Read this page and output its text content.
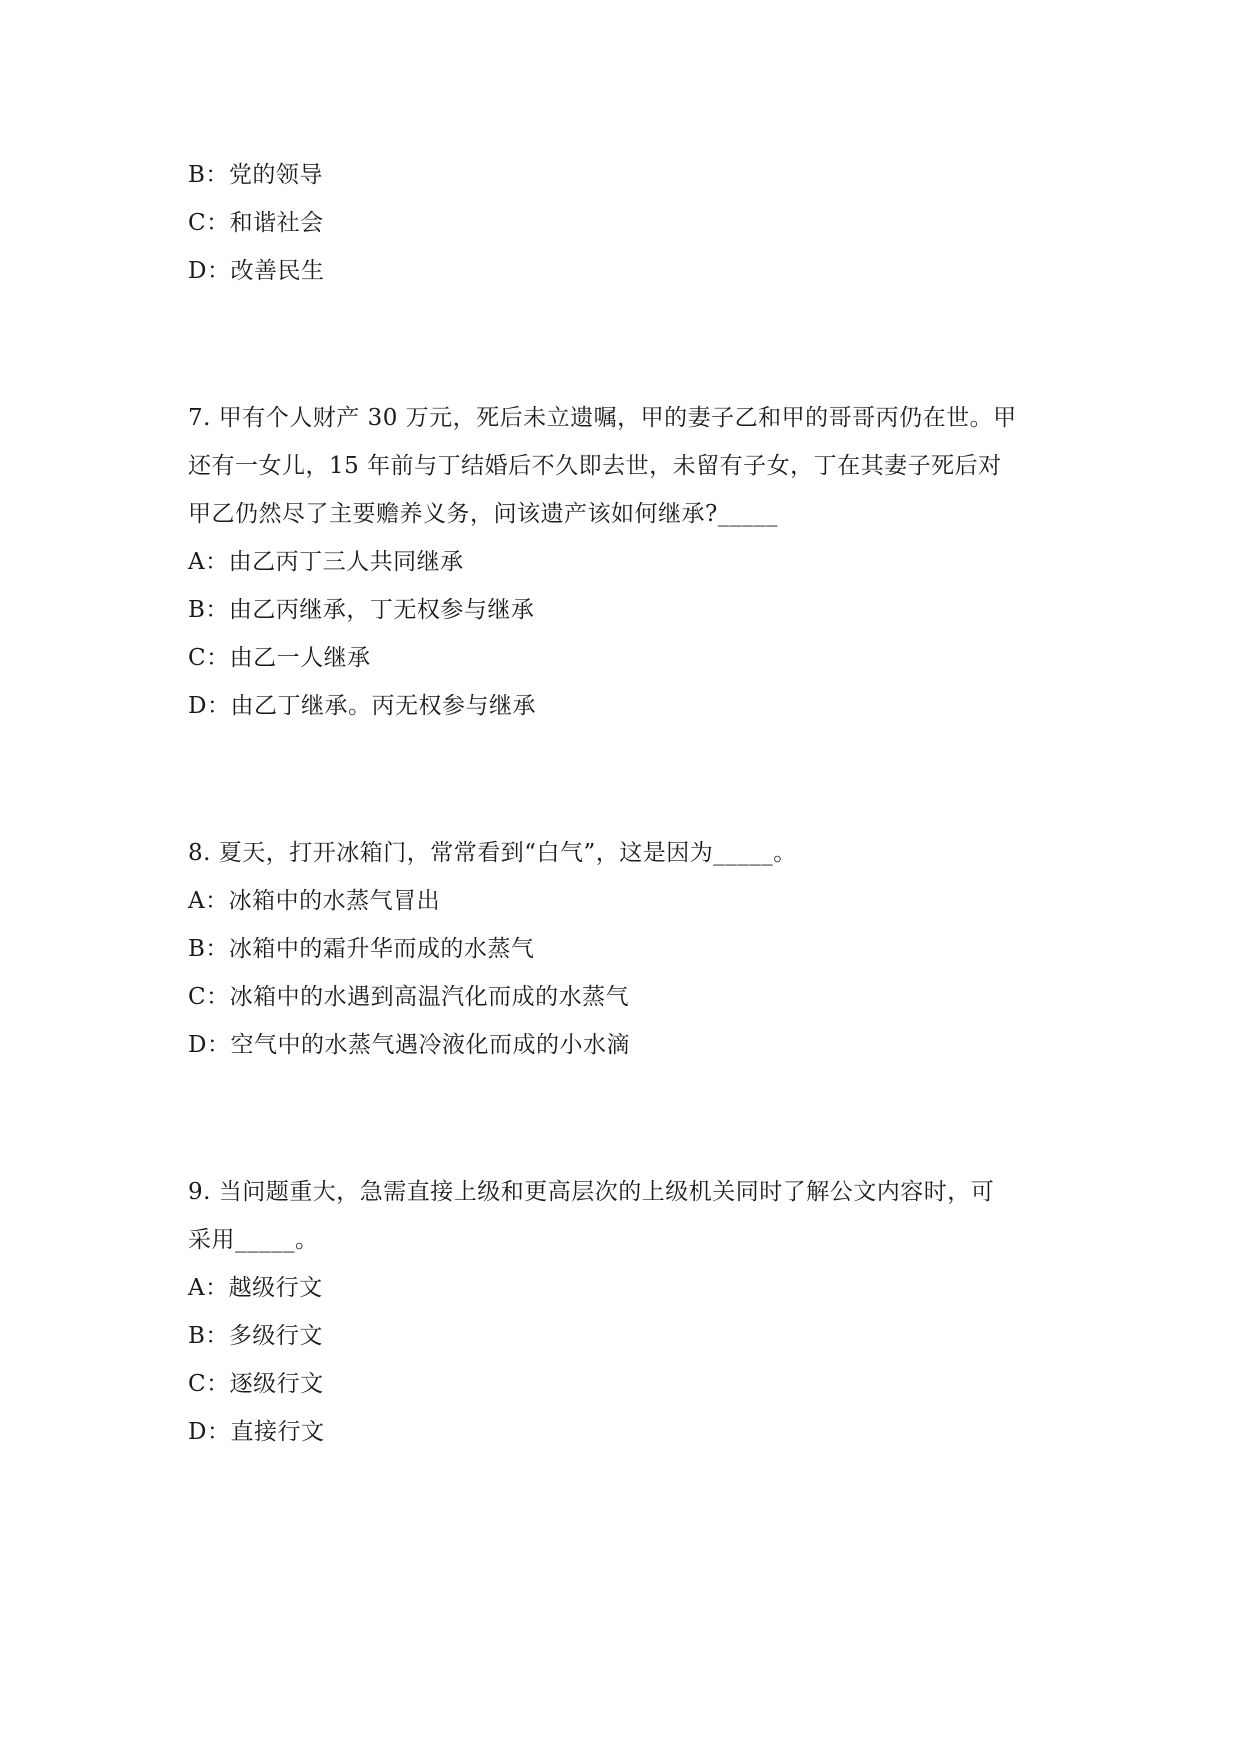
B：党的领导
C：和谐社会
D：改善民生
7. 甲有个人财产 30 万元，死后未立遗嘱，甲的妻子乙和甲的哥哥丙仍在世。甲
还有一女儿，15 年前与丁结婚后不久即去世，未留有子女，丁在其妻子死后对
甲乙仍然尽了主要赡养义务，问该遗产该如何继承?_____
A：由乙丙丁三人共同继承
B：由乙丙继承，丁无权参与继承
C：由乙一人继承
D：由乙丁继承。丙无权参与继承
8. 夏天，打开冰箱门，常常看到“白气”，这是因为_____。
A：冰箱中的水蒸气冒出
B：冰箱中的霜升华而成的水蒸气
C：冰箱中的水遇到高温汽化而成的水蒸气
D：空气中的水蒸气遇冷液化而成的小水滴
9. 当问题重大，急需直接上级和更高层次的上级机关同时了解公文内容时，可
采用_____。
A：越级行文
B：多级行文
C：逐级行文
D：直接行文
